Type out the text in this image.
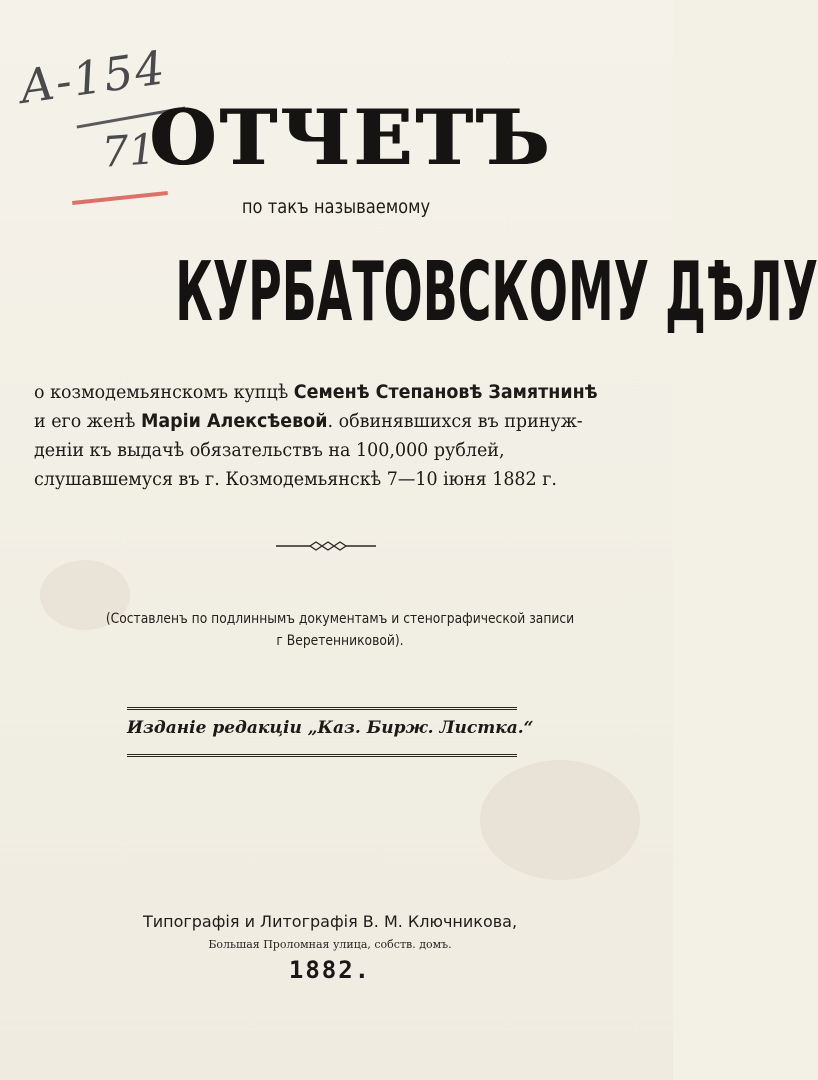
A-154
71
ОТЧЕТЪ
по такъ называемому
КУРБАТОВСКОМУ ДѢЛУ
о козмодемьянскомъ купцѣ Семенѣ Степановѣ Замятнинѣ
и его женѣ Маріи Алексѣевой. обвинявшихся въ принуж-
деніи къ выдачѣ обязательствъ на 100,000 рублей,
слушавшемуся въ г. Козмодемьянскѣ 7—10 іюня 1882 г.
(Составленъ по подлиннымъ документамъ и стенографической записи
г Веретенниковой).
Изданіе редакціи „Каз. Бирж. Листка.“
Типографія и Литографія В. М. Ключникова,
Большая Проломная улица, собств. домъ.
1882.
